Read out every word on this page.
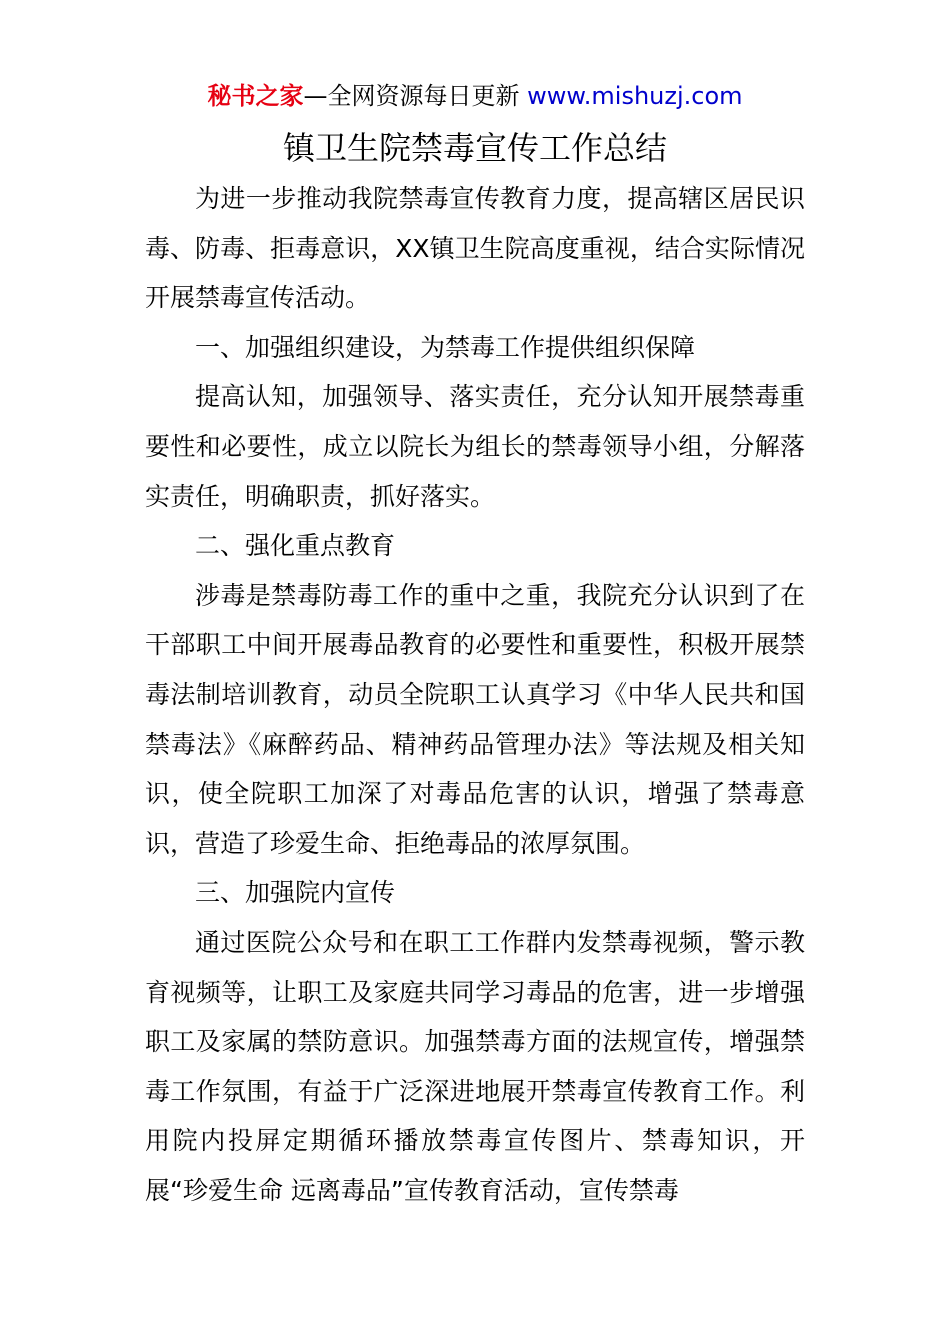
秘书之家—全网资源每日更新 www.mishuzj.com
镇卫生院禁毒宣传工作总结

为进一步推动我院禁毒宣传教育力度，提高辖区居民识毒、防毒、拒毒意识，XX镇卫生院高度重视，结合实际情况开展禁毒宣传活动。

一、加强组织建设，为禁毒工作提供组织保障

提高认知，加强领导、落实责任，充分认知开展禁毒重要性和必要性，成立以院长为组长的禁毒领导小组，分解落实责任，明确职责，抓好落实。

二、强化重点教育

涉毒是禁毒防毒工作的重中之重，我院充分认识到了在干部职工中间开展毒品教育的必要性和重要性，积极开展禁毒法制培训教育，动员全院职工认真学习《中华人民共和国禁毒法》《麻醉药品、精神药品管理办法》等法规及相关知识，使全院职工加深了对毒品危害的认识，增强了禁毒意识，营造了珍爱生命、拒绝毒品的浓厚氛围。

三、加强院内宣传

通过医院公众号和在职工工作群内发禁毒视频，警示教育视频等，让职工及家庭共同学习毒品的危害，进一步增强职工及家属的禁防意识。加强禁毒方面的法规宣传，增强禁毒工作氛围，有益于广泛深进地展开禁毒宣传教育工作。利用院内投屏定期循环播放禁毒宣传图片、禁毒知识，开展“珍爱生命 远离毒品”宣传教育活动，宣传禁毒
